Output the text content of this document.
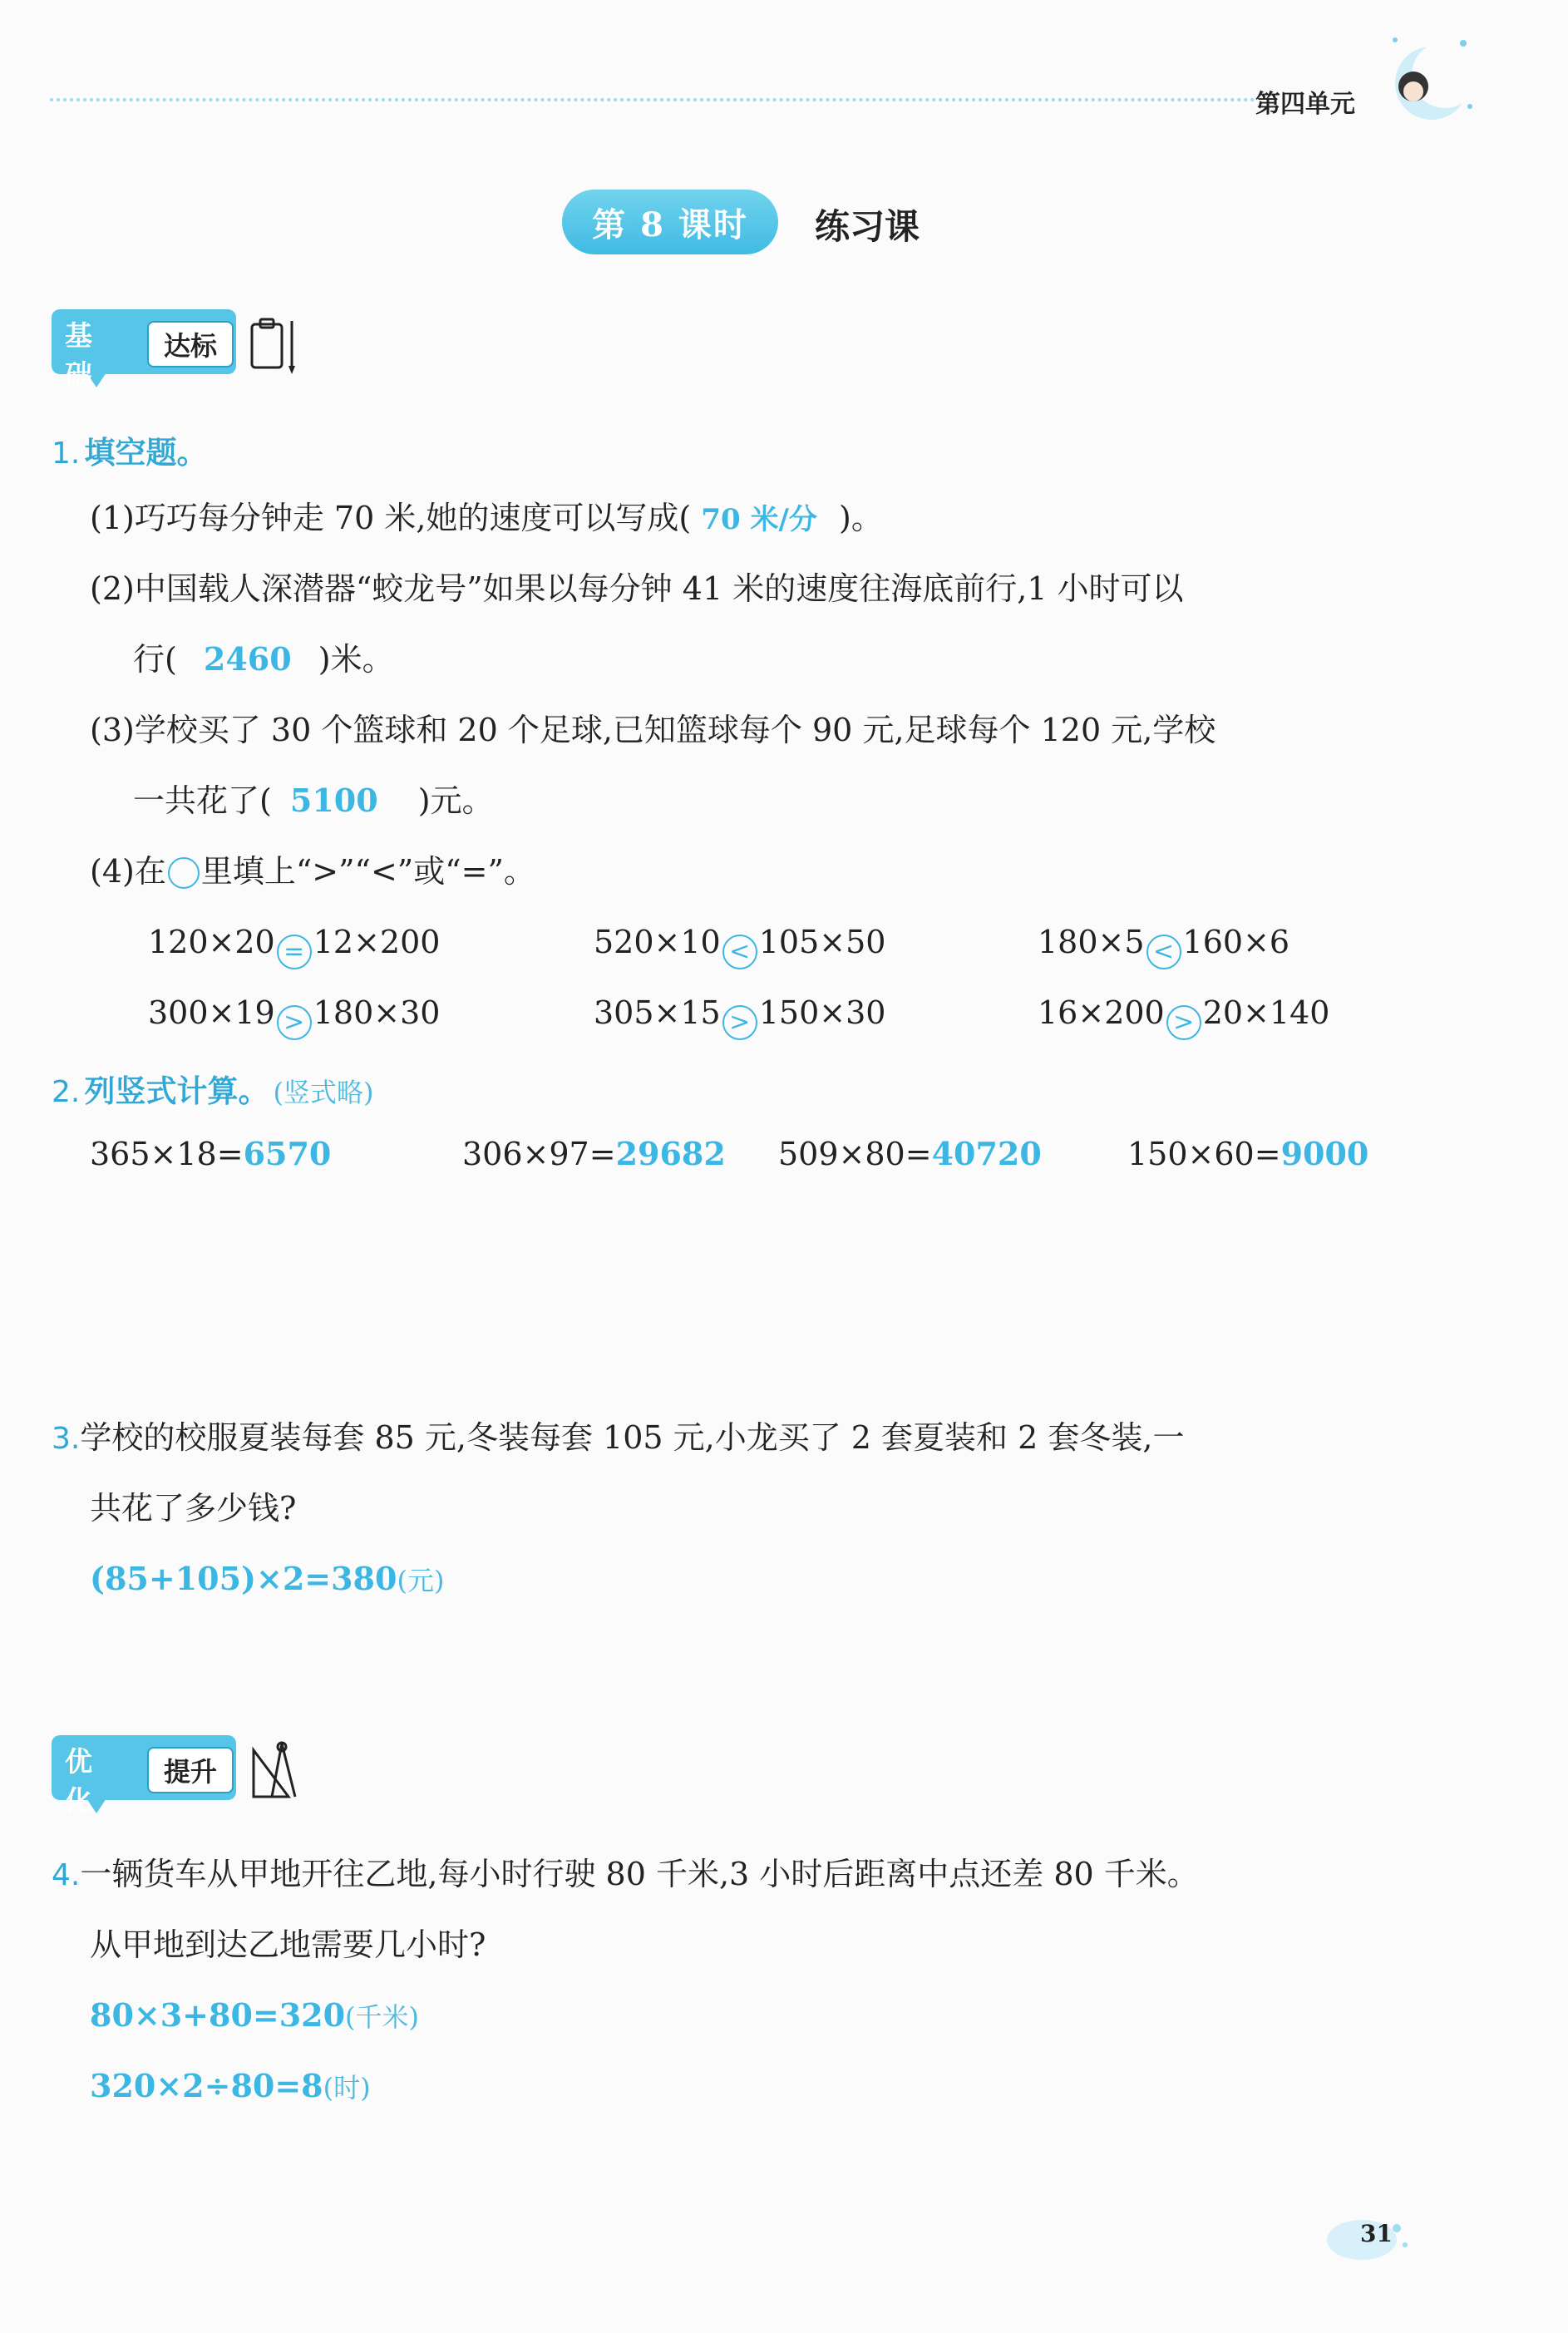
第四单元
第 8 课时	练习课
基础
达标
1. 填空题。
(1)巧巧每分钟走 70 米,她的速度可以写成( 70 米/分 )。
(2)中国载人深潜器“蛟龙号”如果以每分钟 41 米的速度往海底前行,1 小时可以
行( 2460 )米。
(3)学校买了 30 个篮球和 20 个足球,已知篮球每个 90 元,足球每个 120 元,学校
一共花了( 5100 )元。
(4)在 里填上“>”“<”或“=”。
120×20 = 12×200	520×10 < 105×50	180×5 < 160×6
300×19 > 180×30	305×15 > 150×30	16×200 > 20×140
2. 列竖式计算。 (竖式略)
365×18=6570	306×97=29682 509×80=40720	150×60=9000
3.学校的校服夏装每套 85 元,冬装每套 105 元,小龙买了 2 套夏装和 2 套冬装,一
共花了多少钱?
(85+105)×2=380(元)
优化
提升
4.一辆货车从甲地开往乙地,每小时行驶 80 千米,3 小时后距离中点还差 80 千米。
从甲地到达乙地需要几小时?
80×3+80=320(千米)
320×2÷80=8(时)
31
